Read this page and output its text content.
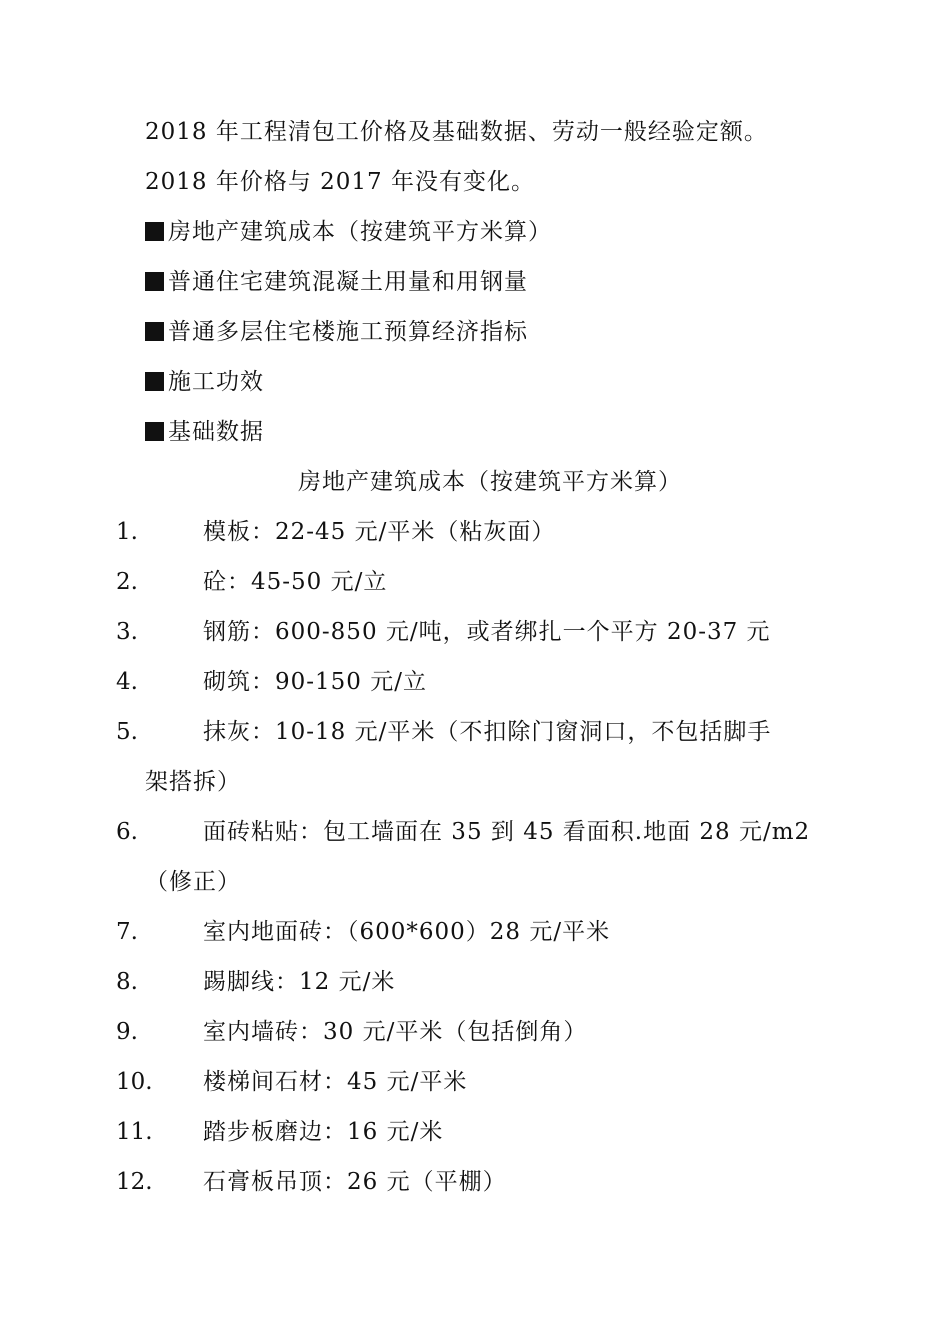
2018 年工程清包工价格及基础数据、劳动一般经验定额。
2018 年价格与 2017 年没有变化。
房地产建筑成本（按建筑平方米算）
普通住宅建筑混凝土用量和用钢量
普通多层住宅楼施工预算经济指标
施工功效
基础数据
房地产建筑成本（按建筑平方米算）
1.	模板：22-45 元/平米（粘灰面）
2.	砼：45-50 元/立
3.	钢筋：600-850 元/吨，或者绑扎一个平方 20-37 元
4.	砌筑：90-150 元/立
5.	抹灰：10-18 元/平米（不扣除门窗洞口，不包括脚手
架搭拆）
6.	面砖粘贴：包工墙面在 35 到 45 看面积.地面 28 元/m2
（修正）
7.	室内地面砖：（600*600）28 元/平米
8.	踢脚线：12 元/米
9.	室内墙砖：30 元/平米（包括倒角）
10.	楼梯间石材：45 元/平米
11.	踏步板磨边：16 元/米
12.	石膏板吊顶：26 元（平棚）
